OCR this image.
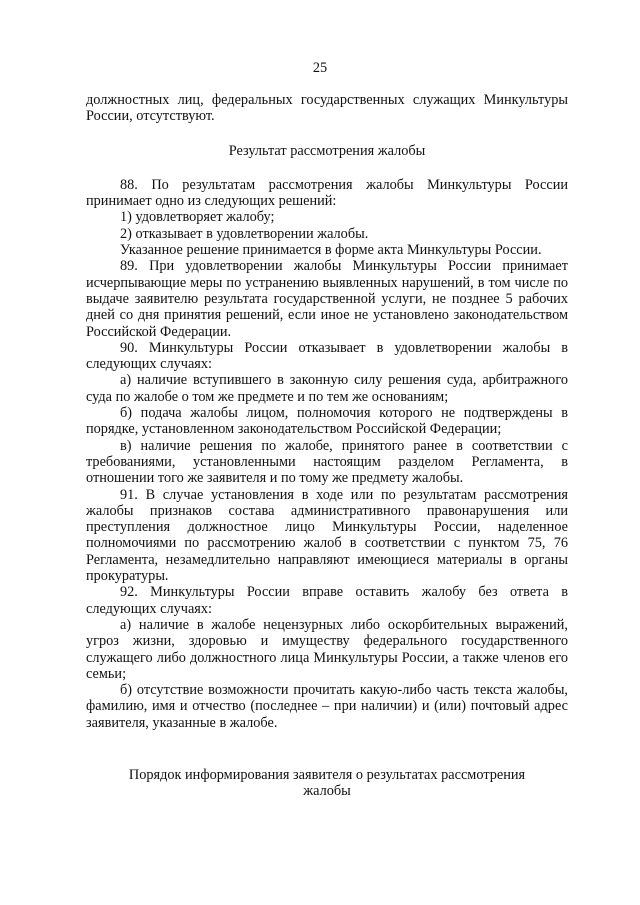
25

должностных лиц, федеральных государственных служащих Минкультуры России, отсутствуют.

Результат рассмотрения жалобы

88. По результатам рассмотрения жалобы Минкультуры России принимает одно из следующих решений:

1) удовлетворяет жалобу;

2) отказывает в удовлетворении жалобы.

Указанное решение принимается в форме акта Минкультуры России.

89. При удовлетворении жалобы Минкультуры России принимает исчерпывающие меры по устранению выявленных нарушений, в том числе по выдаче заявителю результата государственной услуги, не позднее 5 рабочих дней со дня принятия решений, если иное не установлено законодательством Российской Федерации.

90. Минкультуры России отказывает в удовлетворении жалобы в следующих случаях:

а) наличие вступившего в законную силу решения суда, арбитражного суда по жалобе о том же предмете и по тем же основаниям;

б) подача жалобы лицом, полномочия которого не подтверждены в порядке, установленном законодательством Российской Федерации;

в) наличие решения по жалобе, принятого ранее в соответствии с требованиями, установленными настоящим разделом Регламента, в отношении того же заявителя и по тому же предмету жалобы.

91. В случае установления в ходе или по результатам рассмотрения жалобы признаков состава административного правонарушения или преступления должностное лицо Минкультуры России, наделенное полномочиями по рассмотрению жалоб в соответствии с пунктом 75, 76 Регламента, незамедлительно направляют имеющиеся материалы в органы прокуратуры.

92. Минкультуры России вправе оставить жалобу без ответа в следующих случаях:

а) наличие в жалобе нецензурных либо оскорбительных выражений, угроз жизни, здоровью и имуществу федерального государственного служащего либо должностного лица Минкультуры России, а также членов его семьи;

б) отсутствие возможности прочитать какую-либо часть текста жалобы, фамилию, имя и отчество (последнее – при наличии) и (или) почтовый адрес заявителя, указанные в жалобе.

Порядок информирования заявителя о результатах рассмотрения жалобы
